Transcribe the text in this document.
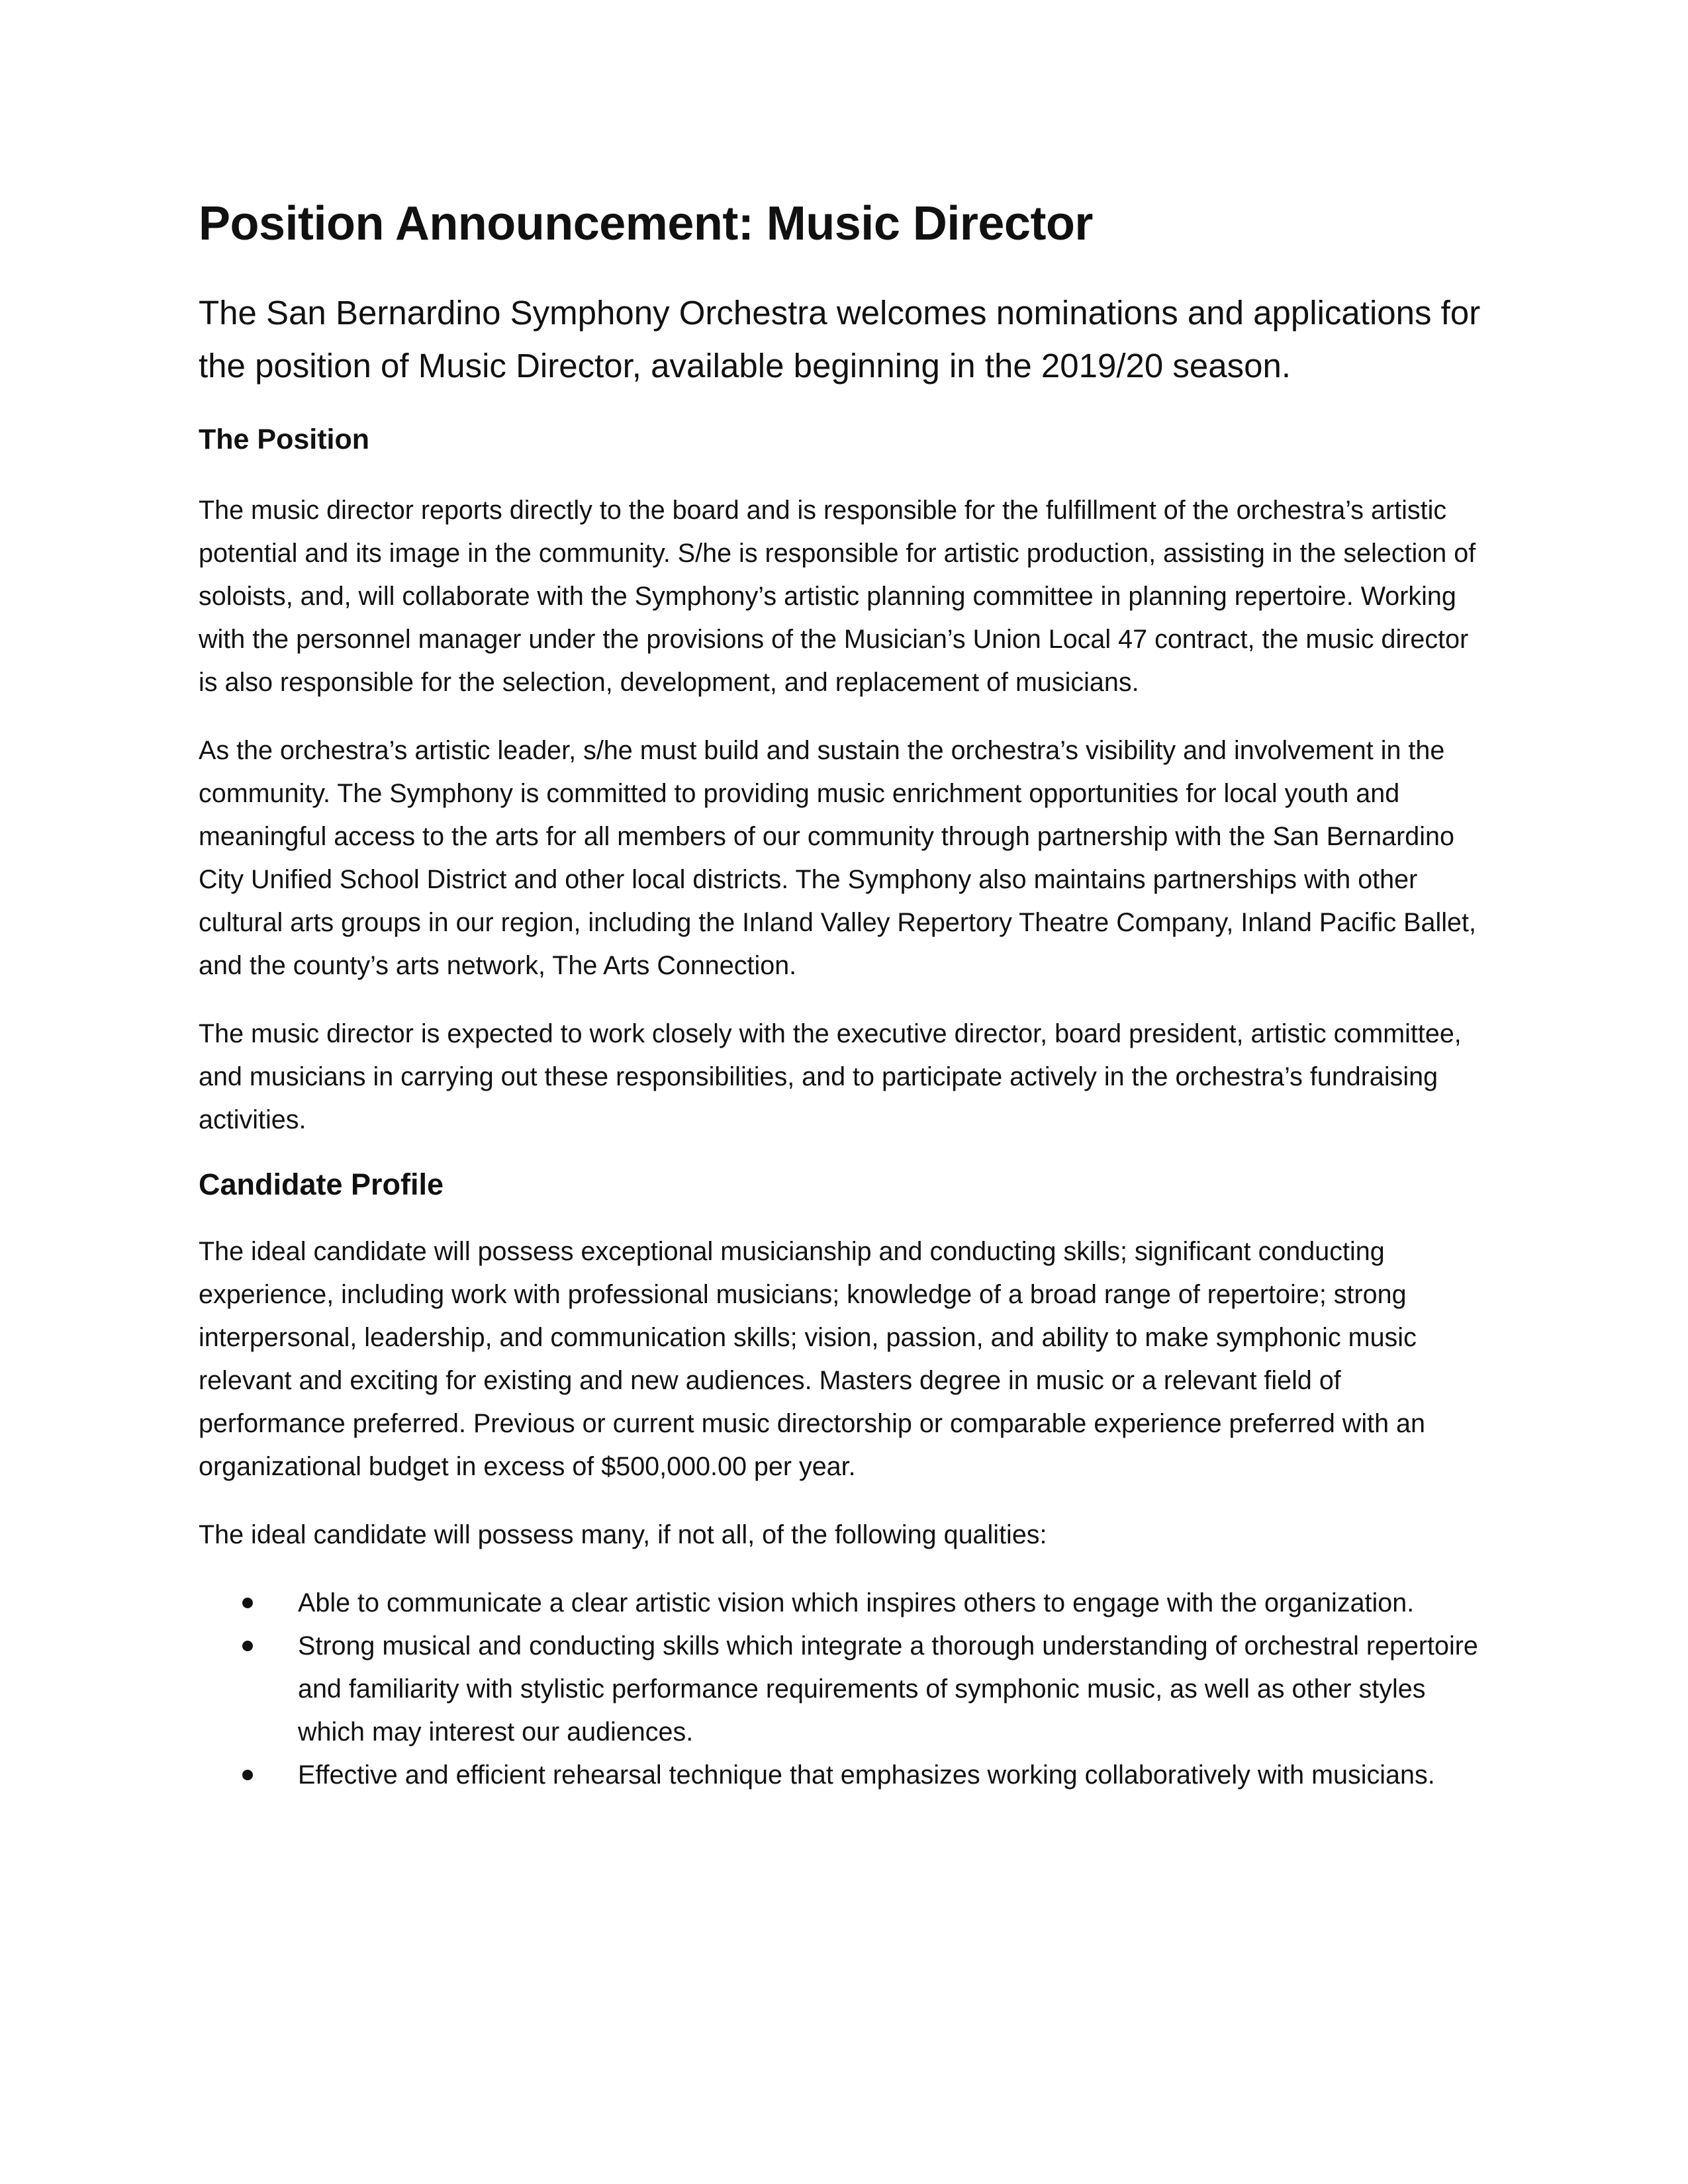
Position Announcement: Music Director

The San Bernardino Symphony Orchestra welcomes nominations and applications for the position of Music Director, available beginning in the 2019/20 season.

The Position

The music director reports directly to the board and is responsible for the fulfillment of the orchestra’s artistic potential and its image in the community. S/he is responsible for artistic production, assisting in the selection of soloists, and, will collaborate with the Symphony’s artistic planning committee in planning repertoire. Working with the personnel manager under the provisions of the Musician’s Union Local 47 contract, the music director is also responsible for the selection, development, and replacement of musicians.

As the orchestra’s artistic leader, s/he must build and sustain the orchestra’s visibility and involvement in the community. The Symphony is committed to providing music enrichment opportunities for local youth and meaningful access to the arts for all members of our community through partnership with the San Bernardino City Unified School District and other local districts. The Symphony also maintains partnerships with other cultural arts groups in our region, including the Inland Valley Repertory Theatre Company, Inland Pacific Ballet, and the county’s arts network, The Arts Connection.

The music director is expected to work closely with the executive director, board president, artistic committee, and musicians in carrying out these responsibilities, and to participate actively in the orchestra’s fundraising activities.

Candidate Profile

The ideal candidate will possess exceptional musicianship and conducting skills; significant conducting experience, including work with professional musicians; knowledge of a broad range of repertoire; strong interpersonal, leadership, and communication skills; vision, passion, and ability to make symphonic music relevant and exciting for existing and new audiences. Masters degree in music or a relevant field of performance preferred. Previous or current music directorship or comparable experience preferred with an organizational budget in excess of $500,000.00 per year.

The ideal candidate will possess many, if not all, of the following qualities:

Able to communicate a clear artistic vision which inspires others to engage with the organization.
Strong musical and conducting skills which integrate a thorough understanding of orchestral repertoire and familiarity with stylistic performance requirements of symphonic music, as well as other styles which may interest our audiences.
Effective and efficient rehearsal technique that emphasizes working collaboratively with musicians.
